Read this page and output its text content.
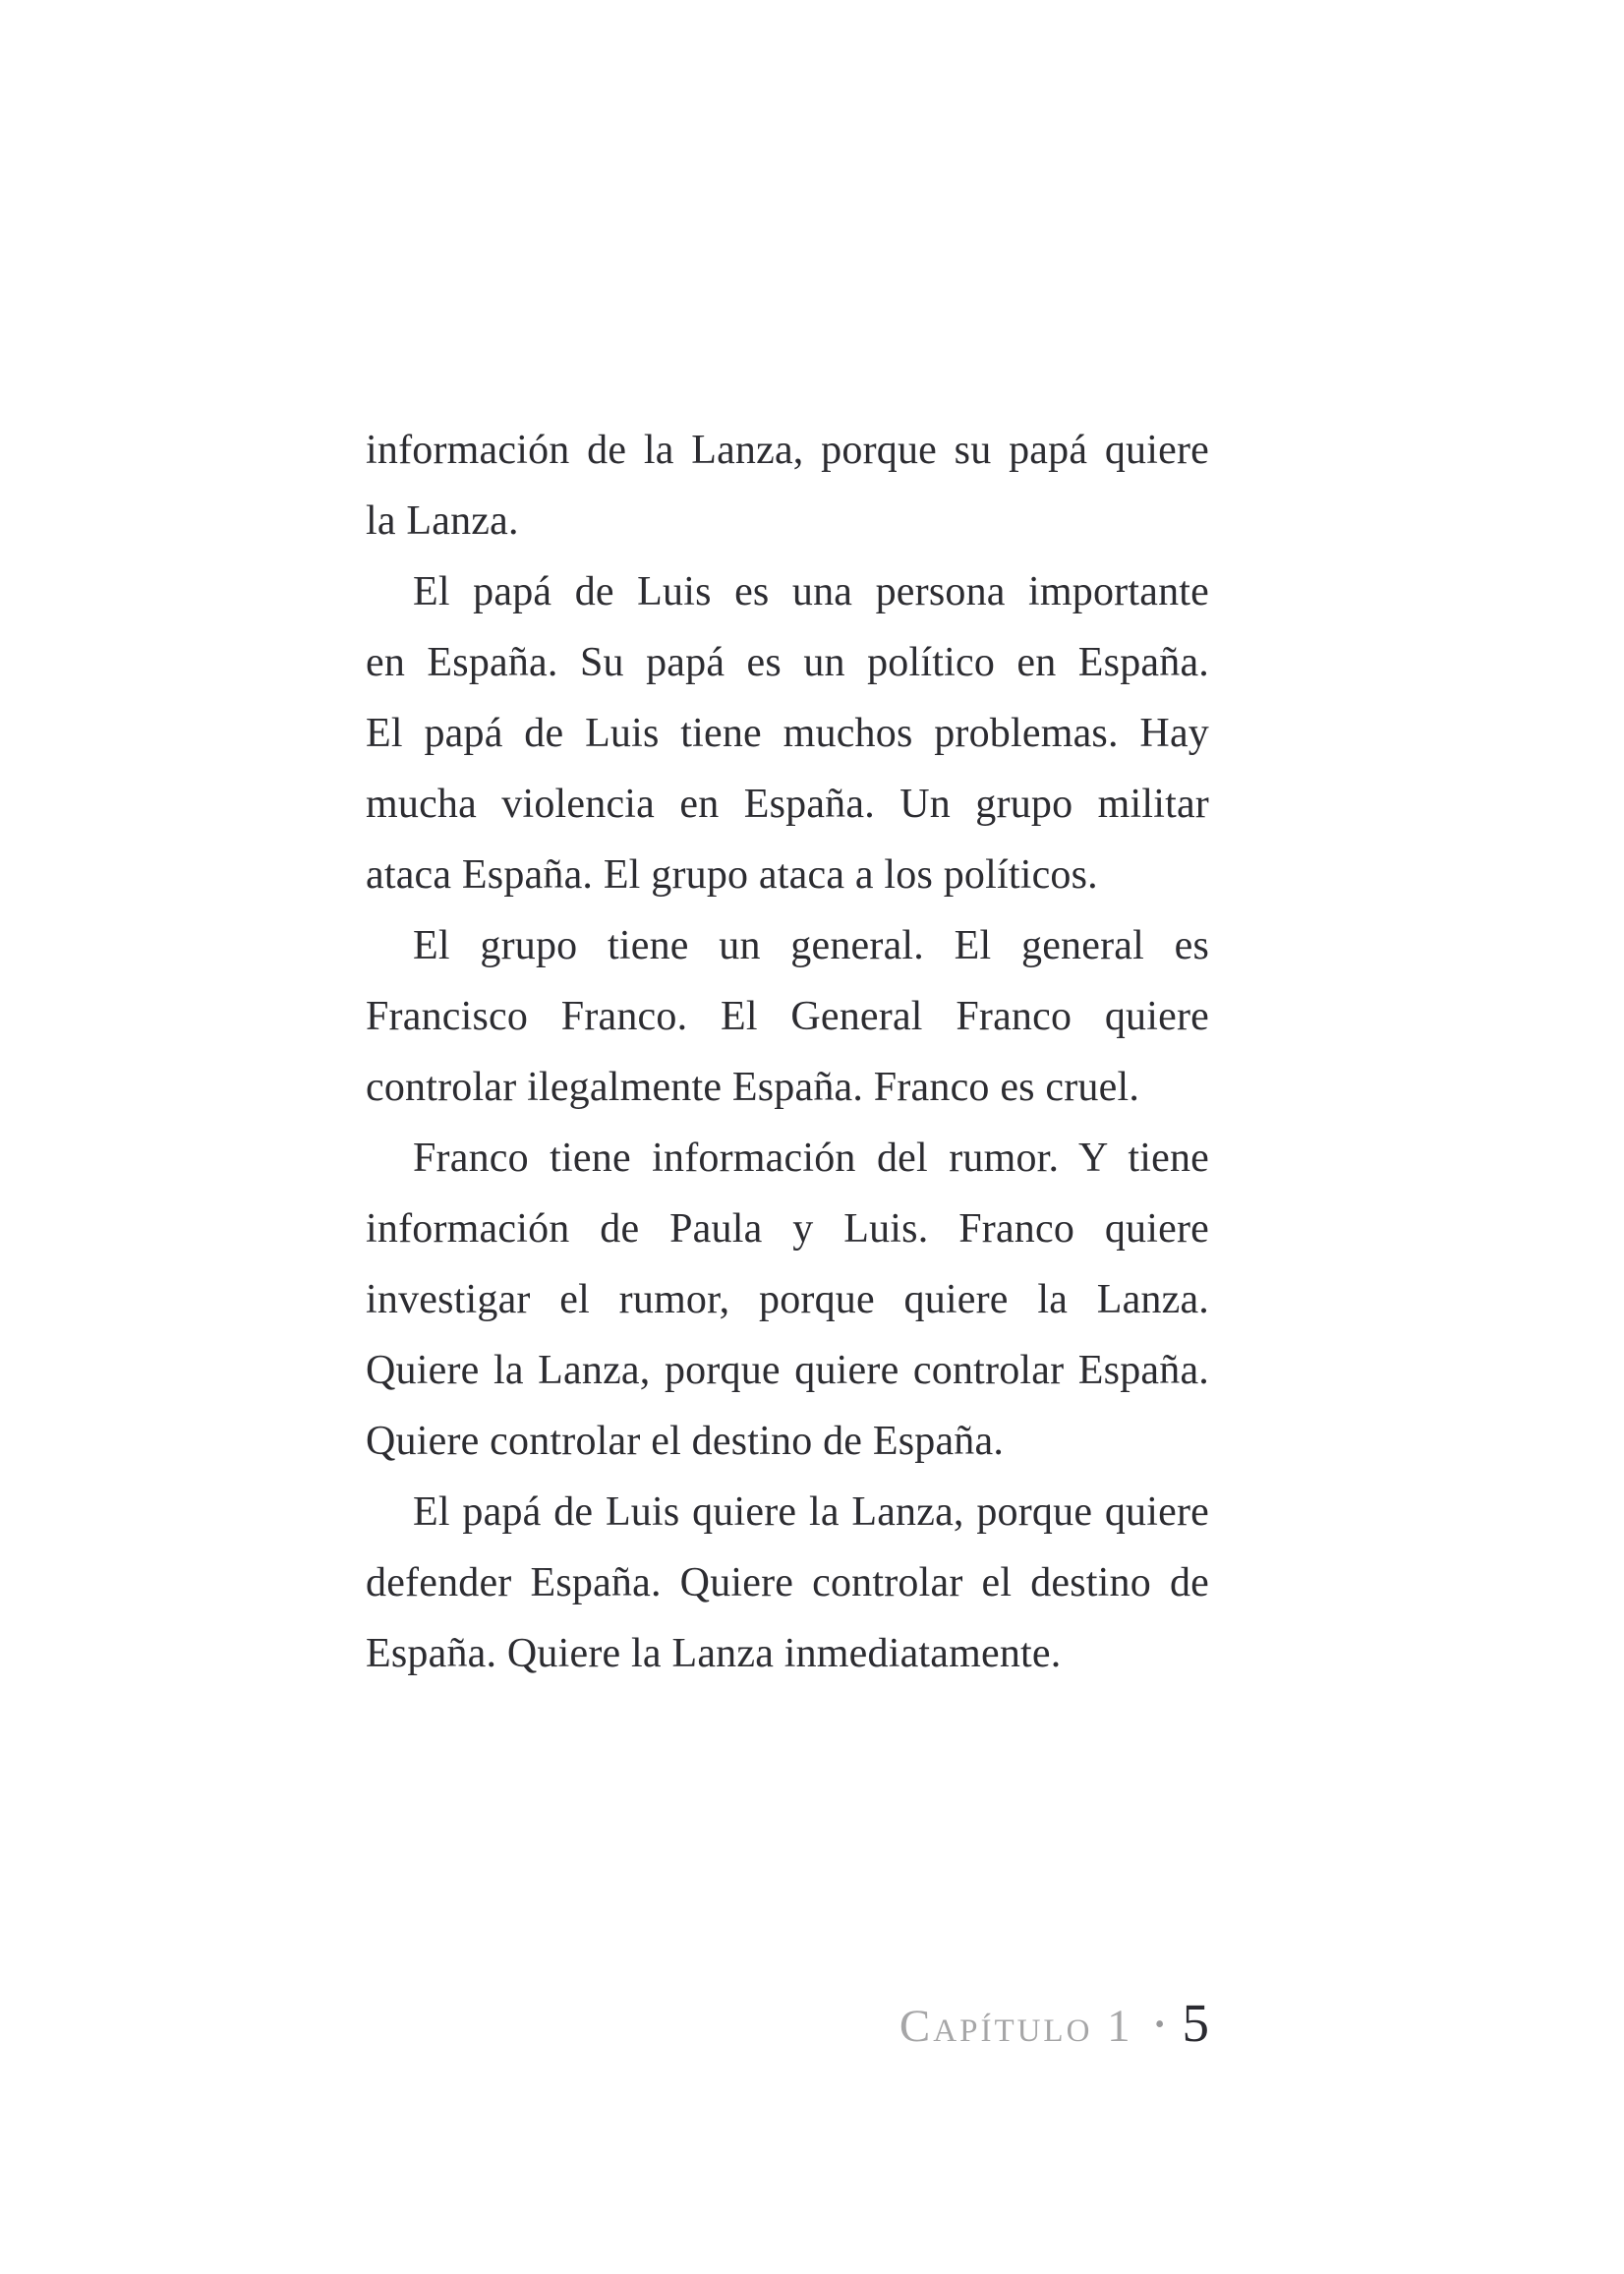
información de la Lanza, porque su papá quiere
la Lanza.
El papá de Luis es una persona importante
en España. Su papá es un político en España.
El papá de Luis tiene muchos problemas. Hay
mucha violencia en España. Un grupo militar
ataca España. El grupo ataca a los políticos.
El grupo tiene un general. El general es
Francisco Franco. El General Franco quiere
controlar ilegalmente España. Franco es cruel.
Franco tiene información del rumor. Y tiene
información de Paula y Luis. Franco quiere
investigar el rumor, porque quiere la Lanza.
Quiere la Lanza, porque quiere controlar España.
Quiere controlar el destino de España.
El papá de Luis quiere la Lanza, porque quiere
defender España. Quiere controlar el destino de
España. Quiere la Lanza inmediatamente.
Capítulo 1 • 5
